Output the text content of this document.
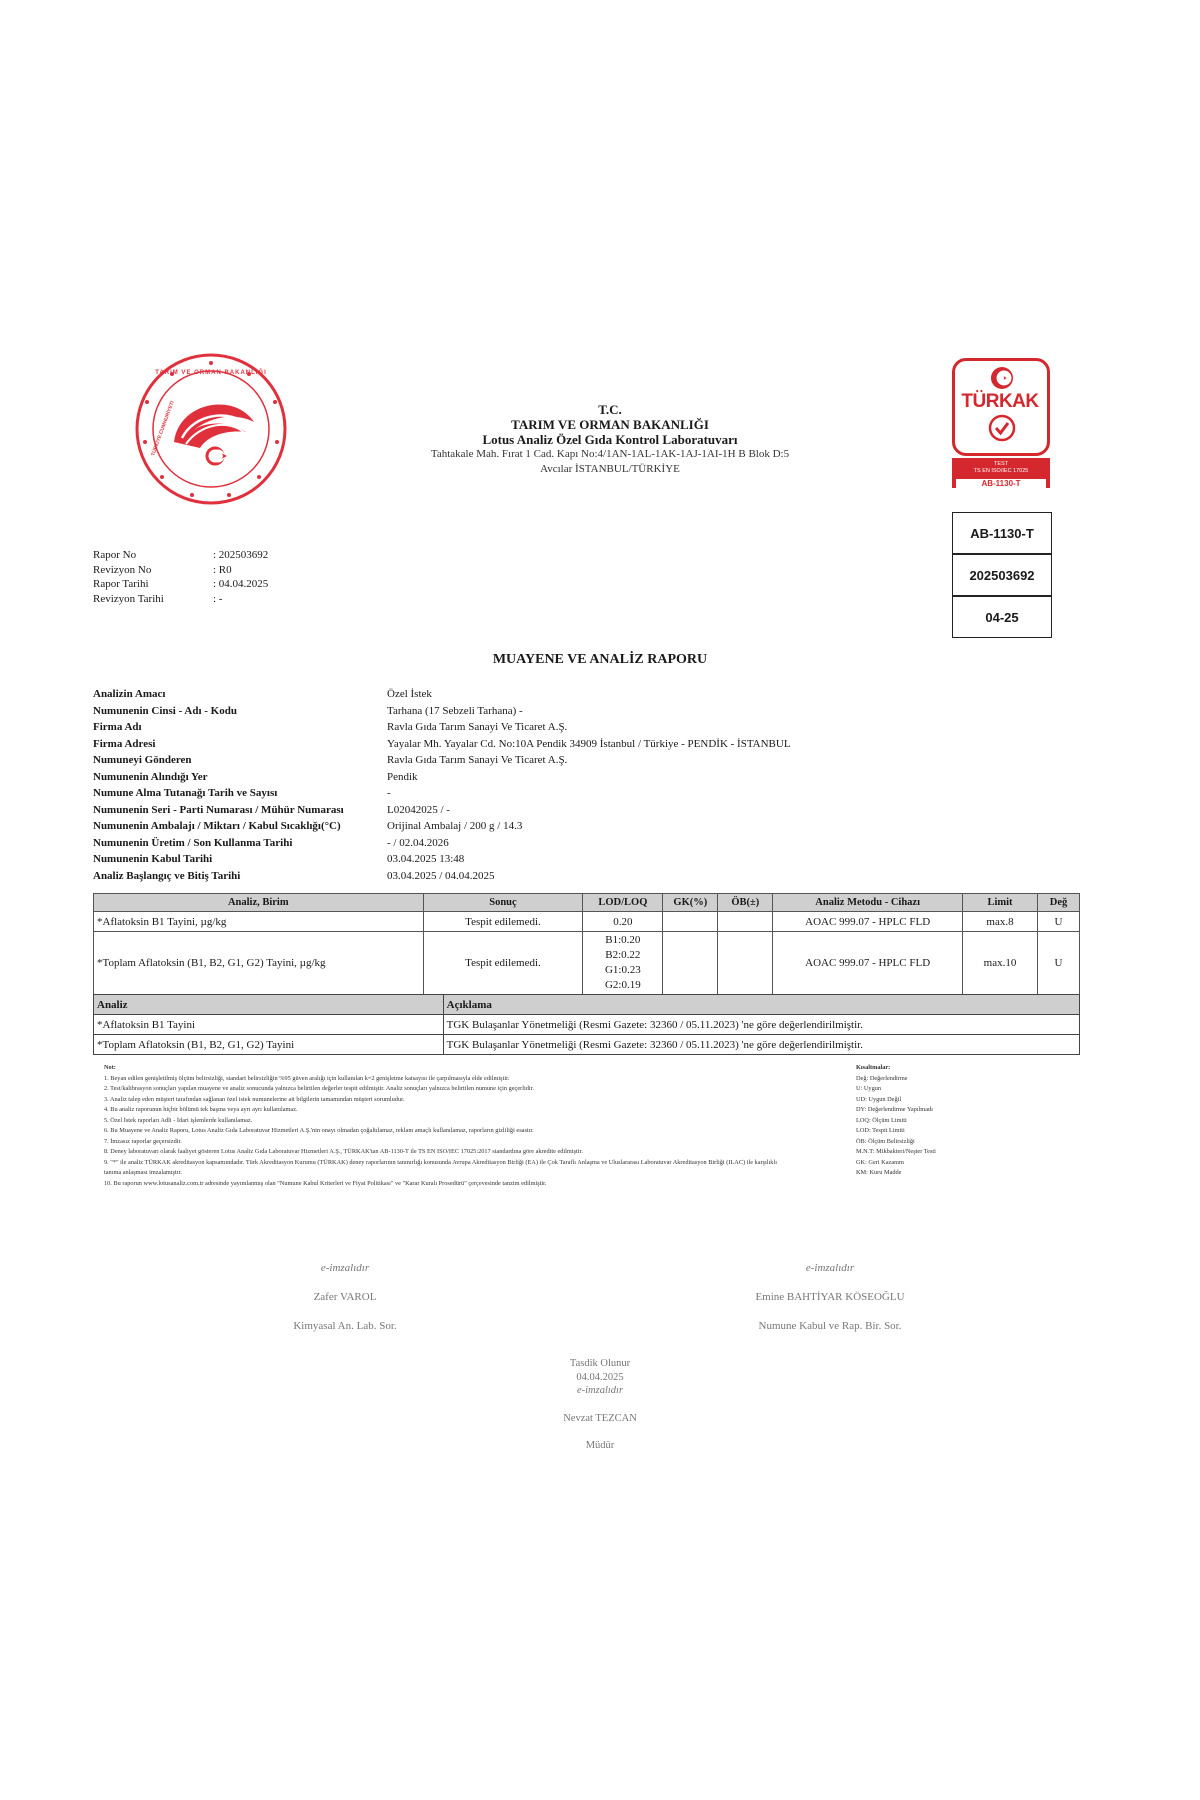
TARIM VE ORMAN BAKANLIĞI
TÜRKİYE CUMHURİYETİ	T.C.
TARIM VE ORMAN BAKANLIĞI
Lotus Analiz Özel Gıda Kontrol Laboratuvarı
Tahtakale Mah. Fırat 1 Cad. Kapı No:4/1AN-1AL-1AK-1AJ-1AI-1H B Blok D:5
Avcılar İSTANBUL/TÜRKİYE
TÜRKAK
TEST
TS EN ISO/IEC 17025
AB-1130-T
AB-1130-T
202503692
04-25
Rapor No	: 202503692
Revizyon No	: R0
Rapor Tarihi	: 04.04.2025
Revizyon Tarihi	: -
MUAYENE VE ANALİZ RAPORU
Analizin Amacı	Özel İstek
Numunenin Cinsi - Adı - Kodu	Tarhana (17 Sebzeli Tarhana) -
Firma Adı	Ravla Gıda Tarım Sanayi Ve Ticaret A.Ş.
Firma Adresi	Yayalar Mh. Yayalar Cd. No:10A Pendik 34909 İstanbul / Türkiye - PENDİK - İSTANBUL
Numuneyi Gönderen	Ravla Gıda Tarım Sanayi Ve Ticaret A.Ş.
Numunenin Alındığı Yer	Pendik
Numune Alma Tutanağı Tarih ve Sayısı	-
Numunenin Seri - Parti Numarası / Mühür Numarası	L02042025 / -
Numunenin Ambalajı / Miktarı / Kabul Sıcaklığı(°C)	Orijinal Ambalaj / 200 g / 14.3
Numunenin Üretim / Son Kullanma Tarihi	- / 02.04.2026
Numunenin Kabul Tarihi	03.04.2025 13:48
Analiz Başlangıç ve Bitiş Tarihi	03.04.2025 / 04.04.2025
Analiz, Birim	Sonuç	LOD/LOQ	GK(%)	ÖB(±)	Analiz Metodu - Cihazı	Limit	Değ
*Aflatoksin B1 Tayini, µg/kg	Tespit edilemedi.	0.20			AOAC 999.07 - HPLC FLD	max.8	U
*Toplam Aflatoksin (B1, B2, G1, G2) Tayini, µg/kg	Tespit edilemedi.	B1:0.20
B2:0.22
G1:0.23
G2:0.19			AOAC 999.07 - HPLC FLD	max.10	U
Analiz	Açıklama
*Aflatoksin B1 Tayini	TGK Bulaşanlar Yönetmeliği (Resmi Gazete: 32360 / 05.11.2023) 'ne göre değerlendirilmiştir.
*Toplam Aflatoksin (B1, B2, G1, G2) Tayini	TGK Bulaşanlar Yönetmeliği (Resmi Gazete: 32360 / 05.11.2023) 'ne göre değerlendirilmiştir.
Not:
1. Beyan edilen genişletilmiş ölçüm belirsizliği, standart belirsizliğin %95 güven aralığı için kullanılan k=2 genişletme katsayısı ile çarpılmasıyla elde edilmiştir.
2. Test/kalibrasyon sonuçları yapılan muayene ve analiz sonucunda yalnızca belirtilen değerler tespit edilmiştir. Analiz sonuçları yalnızca belirtilen numune için geçerlidir.
3. Analiz talep eden müşteri tarafından sağlanan özel istek numunelerine ait bilgilerin tamamından müşteri sorumludur.
4. Bu analiz raporunun hiçbir bölümü tek başına veya ayrı ayrı kullanılamaz.
5. Özel İstek raporları Adli - İdari işlemlerde kullanılamaz.
6. Bu Muayene ve Analiz Raporu, Lotus Analiz Gıda Laboratuvar Hizmetleri A.Ş.'nin onayı olmadan çoğaltılamaz, reklam amaçlı kullanılamaz, raporların gizliliği esastır.
7. İmzasız raporlar geçersizdir.
8. Deney laboratuvarı olarak faaliyet gösteren Lotus Analiz Gıda Laboratuvar Hizmetleri A.Ş., TÜRKAK'tan AB-1130-T ile TS EN ISO/IEC 17025:2017 standardına göre akredite edilmiştir.
9. "*" ile analiz TÜRKAK akreditasyon kapsamındadır. Türk Akreditasyon Kurumu (TÜRKAK) deney raporlarının tanınırlığı konusunda Avrupa Akreditasyon Birliği (EA) ile Çok Taraflı Anlaşma ve Uluslararası Laboratuvar Akreditasyon Birliği (ILAC) ile karşılıklı tanıma anlaşması imzalamıştır.
10. Bu raporun www.lotusanaliz.com.tr adresinde yayımlanmış olan "Numune Kabul Kriterleri ve Fiyat Politikası" ve "Karar Kuralı Prosedürü" çerçevesinde tanzim edilmiştir.
Kısaltmalar:
Değ: Değerlendirme
U: Uygun
UD: Uygun Değil
DY: Değerlendirme Yapılmadı
LOQ: Ölçüm Limiti
LOD: Tespit Limiti
ÖB: Ölçüm Belirsizliği
M.N.T: Mikbakteri/Neşter Testi
GK: Geri Kazanım
KM: Kuru Madde
e-imzalıdır
Zafer VAROL
Kimyasal An. Lab. Sor.
e-imzalıdır
Emine BAHTİYAR KÖSEOĞLU
Numune Kabul ve Rap. Bir. Sor.
Tasdik Olunur
04.04.2025
e-imzalıdır
Nevzat TEZCAN
Müdür
